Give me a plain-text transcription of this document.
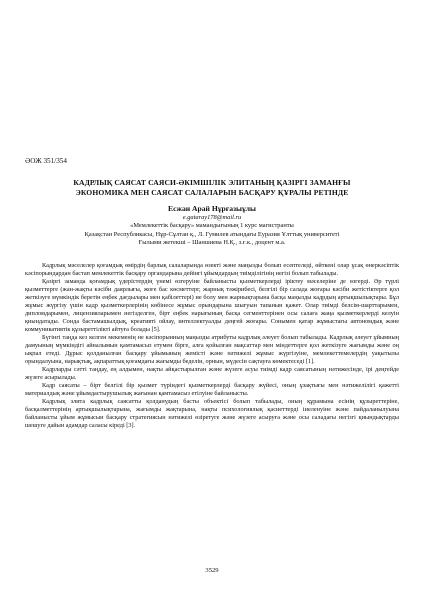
ӘОЖ 351/354
КАДРЛЫҚ САЯСАТ САЯСИ-ӘКІМШІЛІК ЭЛИТАНЫҢ ҚАЗІРГІ ЗАМАНҒЫ
ЭКОНОМИКА МЕН САЯСАТ САЛАЛАРЫН БАСҚАРУ ҚҰРАЛЫ РЕТІНДЕ
Есжан Арай Нұрғазыұлы
e.gataray178@mail.ru
«Мемлекеттік басқару» мамандығының 1 курс магистранты
Қазақстан Республикасы, Нұр-Сұлтан қ., Л. Гумилев атындағы Еуразия Ұлттық университеті
Ғылыми жетекші – Шаншиева Н.Қ., з.ғ.к., доцент м.а.

Кадрлық мәселелер қоғамдық өмірдің барлық салаларында өзекті және маңызды болып есептеледі, өйткені олар ұсақ өнеркәсіптік кәсіпорындардан бастап мемлекеттік басқару органдарына дейінгі ұйымдардың тиімділігінің негізі болып табылады.

Қазіргі заманда қоғамдық үдерістердің үнемі өзгеруіне байланысты қызметкерлерді іріктеу мәселеріне де өзгерді. Әр түрлі қызметтерге (жан-жақты кәсіби даярлығы, жоғе бас көсметтерг, жарнық тәжірибесі, белгілі бір салада жоғары кәсіби жетістіктерге қол жеткізуге мүмкіндік беретін еңбек дағдылары мен қабілеттері) ие болу мен жарнықтарына басқа маңызды кадрдың артықшылықтары. Бұл жұмыс жүргізу үшін кадр қызметкерлерінің көбінесе жұмыс орындарына шығуын тапанын қажет. Олар тиімді белсім-шарттарымен, дипломдарымен, лицензияларымен негізделген, бірт еңбек нарығының басқа сегменттерінен осы салаға жаңа қызметкерлерді келуін қиындатады. Сонда бастамашылдық, креативті ойлау, интеллектуалды деңгей жоғары. Сонымен қатар жұмыстағы автономдық және коммуникативтік құзыреттілікті айтуға болады [5].

Бүгінгі таңда кез келген мекеменің не кәсіпорынның маңызды атрибуты кадрлық әлеует болып табылады. Кадрлық әлеует ұйымның дамуының мүмкіндігі айналымын қамтамасыз етумен бірге, алға қойылған мақсаттар мен міндеттерге қол жеткізуге жағымды және оң ықпал етеді. Дұрыс қолданылған басқару ұйымының жемісті және нәтижелі жұмыс жүргізуіне, мемлекеттемелердің уақытылы орындалуына, нарықтық, ақпараттық қоғамдағы жағымды беделін, орнын, мүдесін сақтауға көмектеседі [1].

Кадрларды сәтті таңдау, ең алдымен, нақты айқастырылған және жүзеге асуы тиімді кадр саясатының нәтижесінде, ірі деңгейде жүзеге асырылады.

Кадр саясаты – бірт белгілі бір қызмет түріндегі қызметкерлерді басқару жүйесі, оның ұзақтығы мен нәтижелілігі қажетті материалдық және ұйымдастырушылық жағынан қамтамасыз етілуіне байланысты.

Кадрлық элита кадрлық саясатты қолданудың басты объектісі болып табылады, оның құрамына есінің құзыреттеріне, басқалметтерінің артықшылықтарына, жағымды жақтарына, нақты психологиялық қасиеттерді іиеленуіне және пайдаланылуына байланысты ұйым жұмысын басқару стратегиясын нәтижелі өзіретуге және жүзеге асыруға және осы саладағы негізгі қиындықтарды шешуге дайын адамдар саласы кіреді [3].

3529
